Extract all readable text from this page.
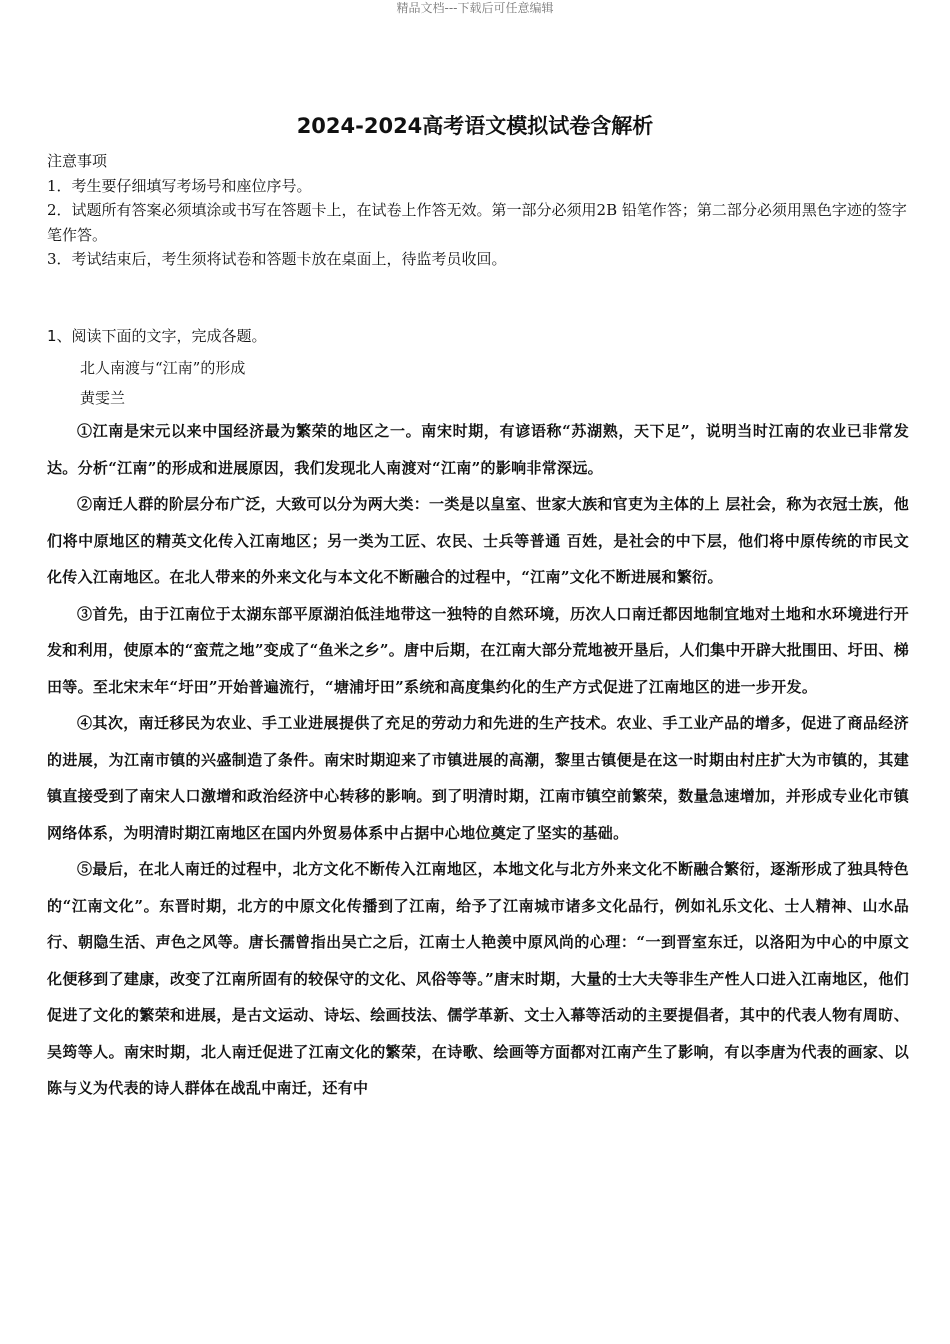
精品文档---下载后可任意编辑
2024-2024高考语文模拟试卷含解析
注意事项
1．考生要仔细填写考场号和座位序号。
2．试题所有答案必须填涂或书写在答题卡上，在试卷上作答无效。第一部分必须用2B 铅笔作答；第二部分必须用黑色字迹的签字笔作答。
3．考试结束后，考生须将试卷和答题卡放在桌面上，待监考员收回。
1、阅读下面的文字，完成各题。
北人南渡与“江南”的形成
黄雯兰

①江南是宋元以来中国经济最为繁荣的地区之一。南宋时期，有谚语称“苏湖熟，天下足”，说明当时江南的农业已非常发达。分析“江南”的形成和进展原因，我们发现北人南渡对“江南”的影响非常深远。

②南迁人群的阶层分布广泛，大致可以分为两大类：一类是以皇室、世家大族和官吏为主体的上 层社会，称为衣冠士族，他们将中原地区的精英文化传入江南地区；另一类为工匠、农民、士兵等普通 百姓，是社会的中下层，他们将中原传统的市民文化传入江南地区。在北人带来的外来文化与本文化不断融合的过程中，“江南”文化不断进展和繁衍。

③首先，由于江南位于太湖东部平原湖泊低洼地带这一独特的自然环境，历次人口南迁都因地制宜地对土地和水环境进行开发和利用，使原本的“蛮荒之地”变成了“鱼米之乡”。唐中后期，在江南大部分荒地被开垦后，人们集中开辟大批围田、圩田、梯田等。至北宋末年“圩田”开始普遍流行，“塘浦圩田”系统和高度集约化的生产方式促进了江南地区的进一步开发。

④其次，南迁移民为农业、手工业进展提供了充足的劳动力和先进的生产技术。农业、手工业产品的增多，促进了商品经济的进展，为江南市镇的兴盛制造了条件。南宋时期迎来了市镇进展的高潮，黎里古镇便是在这一时期由村庄扩大为市镇的，其建镇直接受到了南宋人口激增和政治经济中心转移的影响。到了明清时期，江南市镇空前繁荣，数量急速增加，并形成专业化市镇网络体系，为明清时期江南地区在国内外贸易体系中占据中心地位奠定了坚实的基础。

⑤最后，在北人南迁的过程中，北方文化不断传入江南地区，本地文化与北方外来文化不断融合繁衍，逐渐形成了独具特色的“江南文化”。东晋时期，北方的中原文化传播到了江南，给予了江南城市诸多文化品行，例如礼乐文化、士人精神、山水品行、朝隐生活、声色之风等。唐长孺曾指出吴亡之后，江南士人艳羡中原风尚的心理：“一到晋室东迁，以洛阳为中心的中原文化便移到了建康，改变了江南所固有的较保守的文化、风俗等等。”唐末时期，大量的士大夫等非生产性人口进入江南地区，他们促进了文化的繁荣和进展，是古文运动、诗坛、绘画技法、儒学革新、文士入幕等活动的主要提倡者，其中的代表人物有周昉、吴筠等人。南宋时期，北人南迁促进了江南文化的繁荣，在诗歌、绘画等方面都对江南产生了影响，有以李唐为代表的画家、以陈与义为代表的诗人群体在战乱中南迁，还有中
